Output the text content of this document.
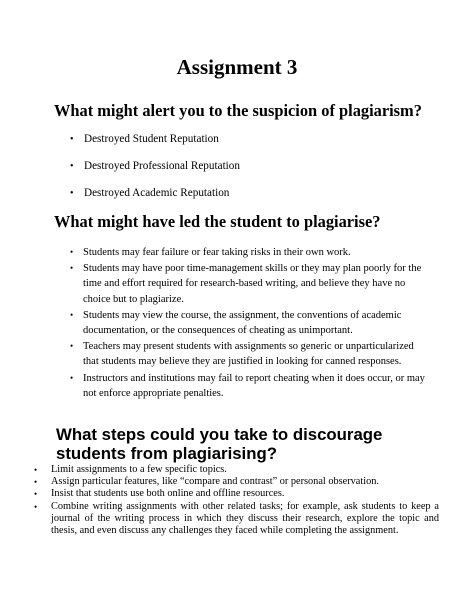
Assignment 3
What might alert you to the suspicion of plagiarism?
• Destroyed Student Reputation
• Destroyed Professional Reputation
• Destroyed Academic Reputation
What might have led the student to plagiarise?
• Students may fear failure or fear taking risks in their own work.
• Students may have poor time-management skills or they may plan poorly for the time and effort required for research-based writing, and believe they have no choice but to plagiarize.
• Students may view the course, the assignment, the conventions of academic documentation, or the consequences of cheating as unimportant.
• Teachers may present students with assignments so generic or unparticularized that students may believe they are justified in looking for canned responses.
• Instructors and institutions may fail to report cheating when it does occur, or may not enforce appropriate penalties.
What steps could you take to discourage students from plagiarising?
• Limit assignments to a few specific topics.
• Assign particular features, like “compare and contrast” or personal observation.
• Insist that students use both online and offline resources.
• Combine writing assignments with other related tasks; for example, ask students to keep a journal of the writing process in which they discuss their research, explore the topic and thesis, and even discuss any challenges they faced while completing the assignment.
